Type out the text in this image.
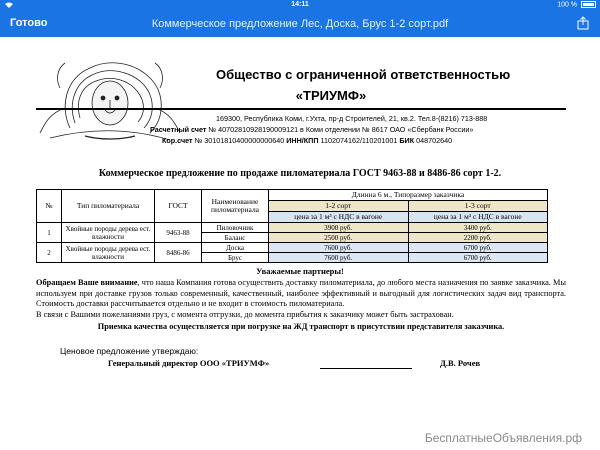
14:11	100 %
Готово	Коммерческое предложение Лес, Доска, Брус 1-2 сорт.pdf
Общество с ограниченной ответственностью
«ТРИУМФ»
169300, Республика Коми, г.Ухта, пр-д Строителей, 21, кв.2. Тел.8-(8216) 713-888
Расчетный счет № 40702810928190009121 в Коми отделении № 8617 ОАО «Сбербанк России»
Кор.счет № 30101810400000000640 ИНН/КПП 1102074162/110201001 БИК 048702640
Коммерческое предложение по продаже пиломатериала ГОСТ 9463-88 и 8486-86 сорт 1-2.
№	Тип пиломатериала	ГОСТ	Наименование пиломатериала	Длинна 6 м., Типоразмер заказчика	
				1-2 сорт	1-3 сорт
				цена за 1 м³ с НДС в вагоне	цена за 1 м³ с НДС в вагоне
1	Хвойные породы дерева ест. влажности	9463-88	Пиловочник	3900 руб.	3400 руб.
			Баланс	2500 руб.	2200 руб.
2	Хвойные породы дерева ест. влажности	8486-86	Доска	7600 руб.	6700 руб.
			Брус	7600 руб.	6700 руб.
Уважаемые партнеры!
Обращаем Ваше внимание, что наша Компания готова осуществить доставку пиломатериала, до любого места назначения по заявке заказчика. Мы используем при доставке грузов только современный, качественный, наиболее эффективный и выгодный для логистических задач вид транспорта. Стоимость доставки рассчитывается отдельно и не входит в стоимость пиломатериала.
В связи с Вашими пожеланиями груз, с момента отгрузки, до момента прибытия к заказчику может быть застрахован.
Приемка качества осуществляется при погрузке на ЖД транспорт в присутствии представителя заказчика.
Ценовое предложение утверждаю:
Генеральный директор ООО «ТРИУМФ»	Д.В. Рочев
БесплатныеОбъявления.рф
